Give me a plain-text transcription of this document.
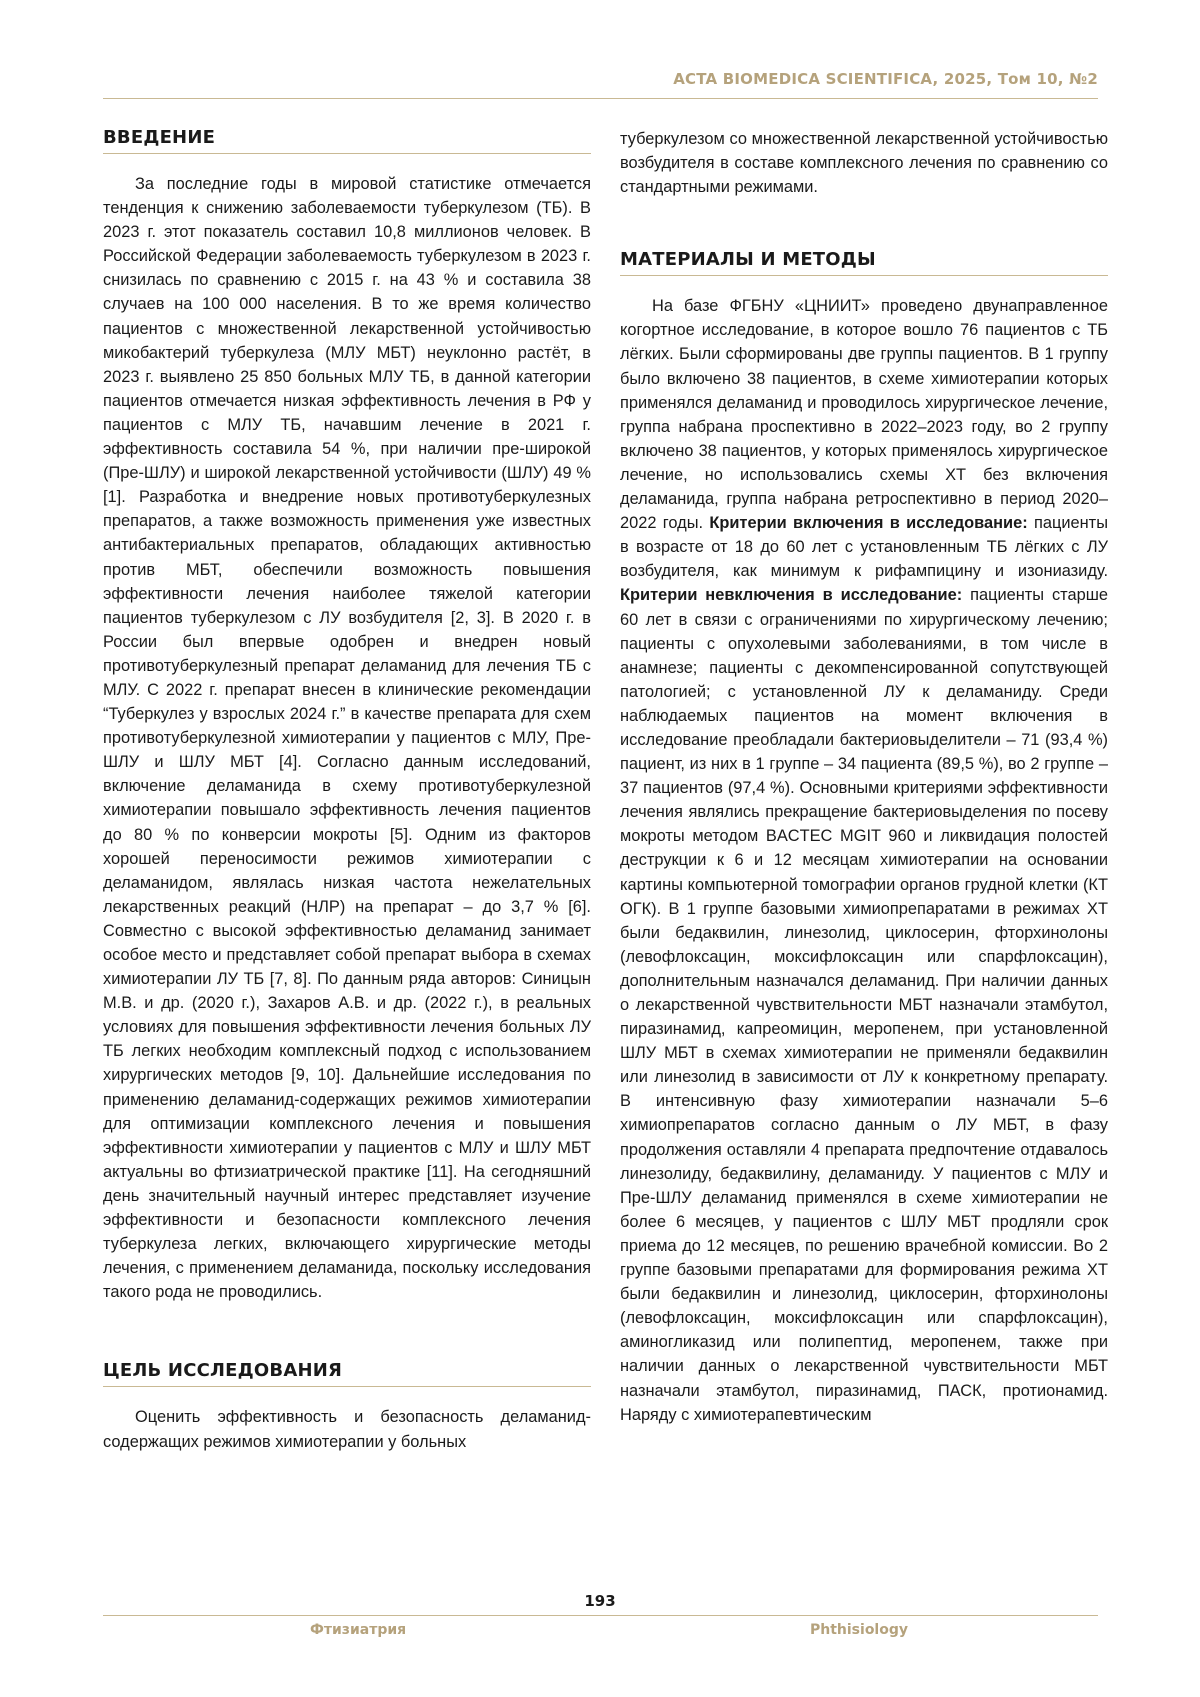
ACTA BIOMEDICA SCIENTIFICA, 2025, Том 10, №2
ВВЕДЕНИЕ

За последние годы в мировой статистике отмечается тенденция к снижению заболеваемости туберкулезом (ТБ). В 2023 г. этот показатель составил 10,8 миллионов человек. В Российской Федерации заболеваемость туберкулезом в 2023 г. снизилась по сравнению с 2015 г. на 43 % и составила 38 случаев на 100 000 населения. В то же время количество пациентов с множественной лекарственной устойчивостью микобактерий туберкулеза (МЛУ МБТ) неуклонно растёт, в 2023 г. выявлено 25 850 больных МЛУ ТБ, в данной категории пациентов отмечается низкая эффективность лечения в РФ у пациентов с МЛУ ТБ, начавшим лечение в 2021 г. эффективность составила 54 %, при наличии пре-широкой (Пре-ШЛУ) и широкой лекарственной устойчивости (ШЛУ) 49 % [1]. Разработка и внедрение новых противотуберкулезных препаратов, а также возможность применения уже известных антибактериальных препаратов, обладающих активностью против МБТ, обеспечили возможность повышения эффективности лечения наиболее тяжелой категории пациентов туберкулезом с ЛУ возбудителя [2, 3]. В 2020 г. в России был впервые одобрен и внедрен новый противотуберкулезный препарат деламанид для лечения ТБ с МЛУ. С 2022 г. препарат внесен в клинические рекомендации “Туберкулез у взрослых 2024 г.” в качестве препарата для схем противотуберкулезной химиотерапии у пациентов с МЛУ, Пре-ШЛУ и ШЛУ МБТ [4]. Согласно данным исследований, включение деламанида в схему противотуберкулезной химиотерапии повышало эффективность лечения пациентов до 80 % по конверсии мокроты [5]. Одним из факторов хорошей переносимости режимов химиотерапии с деламанидом, являлась низкая частота нежелательных лекарственных реакций (НЛР) на препарат – до 3,7 % [6]. Совместно с высокой эффективностью деламанид занимает особое место и представляет собой препарат выбора в схемах химиотерапии ЛУ ТБ [7, 8]. По данным ряда авторов: Синицын М.В. и др. (2020 г.), Захаров А.В. и др. (2022 г.), в реальных условиях для повышения эффективности лечения больных ЛУ ТБ легких необходим комплексный подход с использованием хирургических методов [9, 10]. Дальнейшие исследования по применению деламанид-содержащих режимов химиотерапии для оптимизации комплексного лечения и повышения эффективности химиотерапии у пациентов с МЛУ и ШЛУ МБТ актуальны во фтизиатрической практике [11]. На сегодняшний день значительный научный интерес представляет изучение эффективности и безопасности комплексного лечения туберкулеза легких, включающего хирургические методы лечения, с применением деламанида, поскольку исследования такого рода не проводились.

ЦЕЛЬ ИССЛЕДОВАНИЯ

Оценить эффективность и безопасность деламанид-содержащих режимов химиотерапии у больных

туберкулезом со множественной лекарственной устойчивостью возбудителя в составе комплексного лечения по сравнению со стандартными режимами.

МАТЕРИАЛЫ И МЕТОДЫ

На базе ФГБНУ «ЦНИИТ» проведено двунаправленное когортное исследование, в которое вошло 76 пациентов с ТБ лёгких. Были сформированы две группы пациентов. В 1 группу было включено 38 пациентов, в схеме химиотерапии которых применялся деламанид и проводилось хирургическое лечение, группа набрана проспективно в 2022–2023 году, во 2 группу включено 38 пациентов, у которых применялось хирургическое лечение, но использовались схемы ХТ без включения деламанида, группа набрана ретроспективно в период 2020–2022 годы. Критерии включения в исследование: пациенты в возрасте от 18 до 60 лет с установленным ТБ лёгких с ЛУ возбудителя, как минимум к рифампицину и изониазиду. Критерии невключения в исследование: пациенты старше 60 лет в связи с ограничениями по хирургическому лечению; пациенты с опухолевыми заболеваниями, в том числе в анамнезе; пациенты с декомпенсированной сопутствующей патологией; с установленной ЛУ к деламаниду. Среди наблюдаемых пациентов на момент включения в исследование преобладали бактериовыделители – 71 (93,4 %) пациент, из них в 1 группе – 34 пациента (89,5 %), во 2 группе – 37 пациентов (97,4 %). Основными критериями эффективности лечения являлись прекращение бактериовыделения по посеву мокроты методом BACTEC MGIT 960 и ликвидация полостей деструкции к 6 и 12 месяцам химиотерапии на основании картины компьютерной томографии органов грудной клетки (КТ ОГК). В 1 группе базовыми химиопрепаратами в режимах ХТ были бедаквилин, линезолид, циклосерин, фторхинолоны (левофлоксацин, моксифлоксацин или спарфлоксацин), дополнительным назначался деламанид. При наличии данных о лекарственной чувствительности МБТ назначали этамбутол, пиразинамид, капреомицин, меропенем, при установленной ШЛУ МБТ в схемах химиотерапии не применяли бедаквилин или линезолид в зависимости от ЛУ к конкретному препарату. В интенсивную фазу химиотерапии назначали 5–6 химиопрепаратов согласно данным о ЛУ МБТ, в фазу продолжения оставляли 4 препарата предпочтение отдавалось линезолиду, бедаквилину, деламаниду. У пациентов с МЛУ и Пре-ШЛУ деламанид применялся в схеме химиотерапии не более 6 месяцев, у пациентов с ШЛУ МБТ продляли срок приема до 12 месяцев, по решению врачебной комиссии. Во 2 группе базовыми препаратами для формирования режима ХТ были бедаквилин и линезолид, циклосерин, фторхинолоны (левофлоксацин, моксифлоксацин или спарфлоксацин), аминогликазид или полипептид, меропенем, также при наличии данных о лекарственной чувствительности МБТ назначали этамбутол, пиразинамид, ПАСК, протионамид. Наряду с химиотерапевтическим

193
Фтизиатрия	Phthisiology
